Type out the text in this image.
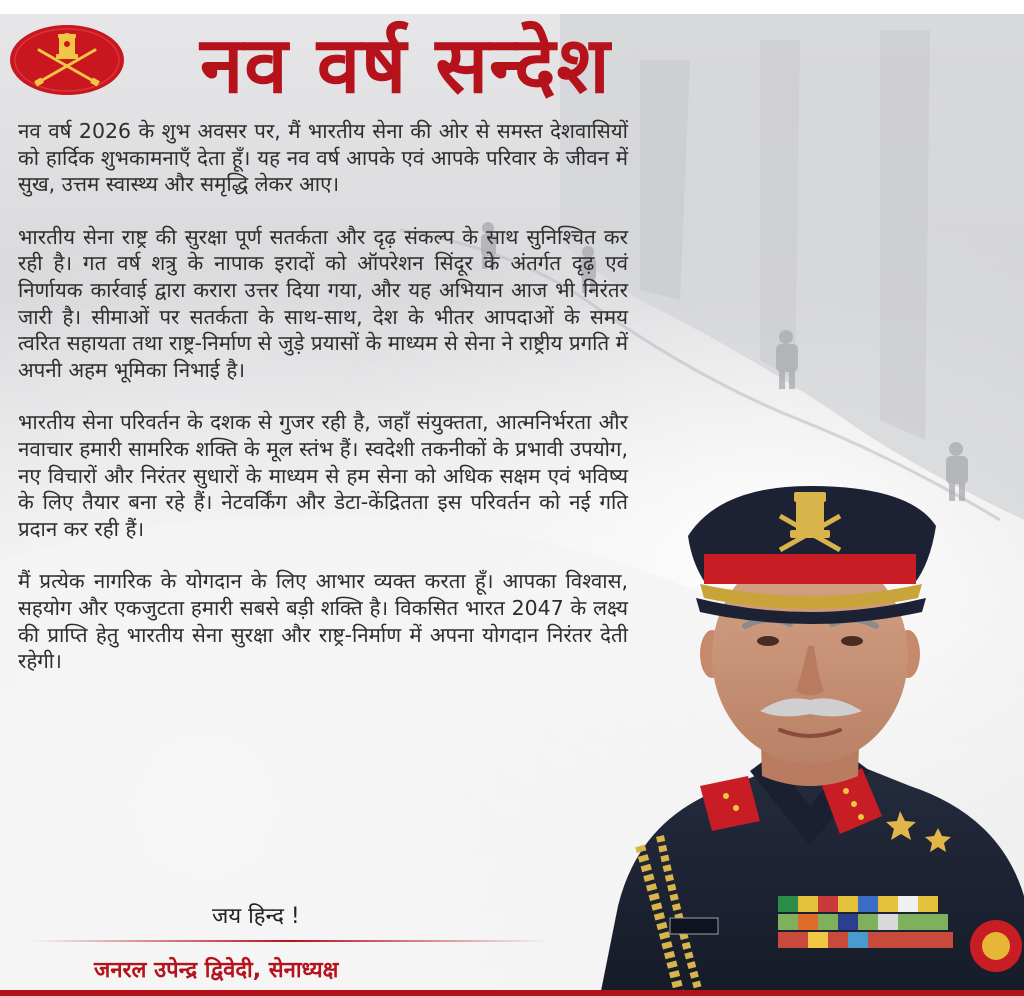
नव वर्ष सन्देश

नव वर्ष 2026 के शुभ अवसर पर, मैं भारतीय सेना की ओर से समस्त देशवासियों को हार्दिक शुभकामनाएँ देता हूँ। यह नव वर्ष आपके एवं आपके परिवार के जीवन में सुख, उत्तम स्वास्थ्य और समृद्धि लेकर आए।

भारतीय सेना राष्ट्र की सुरक्षा पूर्ण सतर्कता और दृढ़ संकल्प के साथ सुनिश्चित कर रही है। गत वर्ष शत्रु के नापाक इरादों को ऑपरेशन सिंदूर के अंतर्गत दृढ़ एवं निर्णायक कार्रवाई द्वारा करारा उत्तर दिया गया, और यह अभियान आज भी निरंतर जारी है। सीमाओं पर सतर्कता के साथ-साथ, देश के भीतर आपदाओं के समय त्वरित सहायता तथा राष्ट्र-निर्माण से जुड़े प्रयासों के माध्यम से सेना ने राष्ट्रीय प्रगति में अपनी अहम भूमिका निभाई है।

भारतीय सेना परिवर्तन के दशक से गुजर रही है, जहाँ संयुक्तता, आत्मनिर्भरता और नवाचार हमारी सामरिक शक्ति के मूल स्तंभ हैं। स्वदेशी तकनीकों के प्रभावी उपयोग, नए विचारों और निरंतर सुधारों के माध्यम से हम सेना को अधिक सक्षम एवं भविष्य के लिए तैयार बना रहे हैं। नेटवर्किंग और डेटा-केंद्रितता इस परिवर्तन को नई गति प्रदान कर रही हैं।

मैं प्रत्येक नागरिक के योगदान के लिए आभार व्यक्त करता हूँ। आपका विश्वास, सहयोग और एकजुटता हमारी सबसे बड़ी शक्ति है। विकसित भारत 2047 के लक्ष्य की प्राप्ति हेतु भारतीय सेना सुरक्षा और राष्ट्र-निर्माण में अपना योगदान निरंतर देती रहेगी।

जय हिन्द !
जनरल उपेन्द्र द्विवेदी, सेनाध्यक्ष
